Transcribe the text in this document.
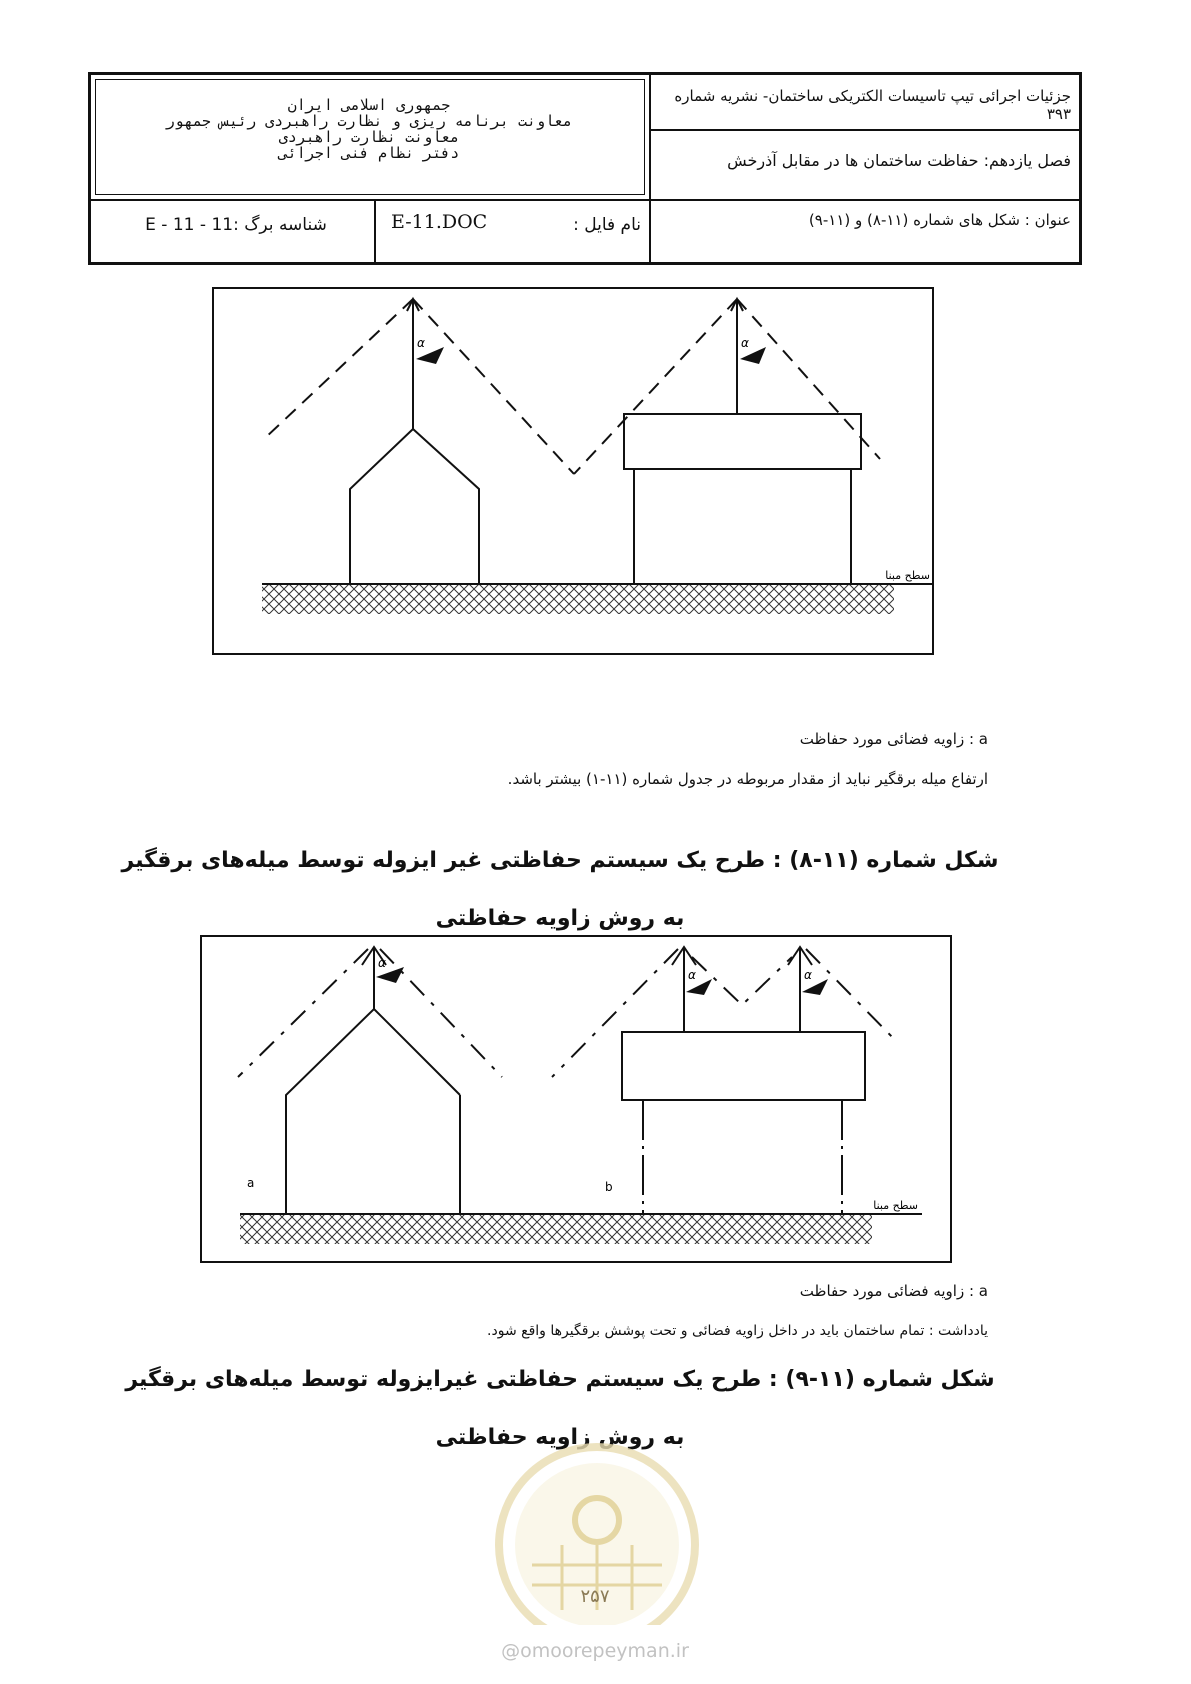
جزئیات اجرائی تیپ تاسیسات الکتریکی ساختمان- نشریه شماره ۳۹۳
فصل یازدهم: حفاظت ساختمان ها در مقابل آذرخش
عنوان : شکل های شماره (۱۱-۸) و (۱۱-۹)
جمهوری اسلامی ایران
معاونت برنامه ریزی و نظارت راهبردی رئیس جمهور
معاونت نظارت راهبردی
دفتر نظام فنی اجرائی
نام فایل :
E-11.DOC
شناسه برگ :11 - 11 - E
α	α
سطح مبنا
a : زاویه فضائی مورد حفاظت
ارتفاع میله برقگیر نباید از مقدار مربوطه در جدول شماره (۱۱-۱) بیشتر باشد.
شکل شماره (۱۱-۸) : طرح یک سیستم حفاظتی غیر ایزوله توسط میله‌های برقگیر
به روش زاویه حفاظتی
سطح مبنا
α
a
α	α
b
a : زاویه فضائی مورد حفاظت
یادداشت : تمام ساختمان باید در داخل زاویه فضائی و تحت پوشش برقگیرها واقع شود.
شکل شماره (۱۱-۹) : طرح یک سیستم حفاظتی غیرایزوله توسط میله‌های برقگیر
به روش زاویه حفاظتی
۲۵۷
@omoorepeyman.ir
